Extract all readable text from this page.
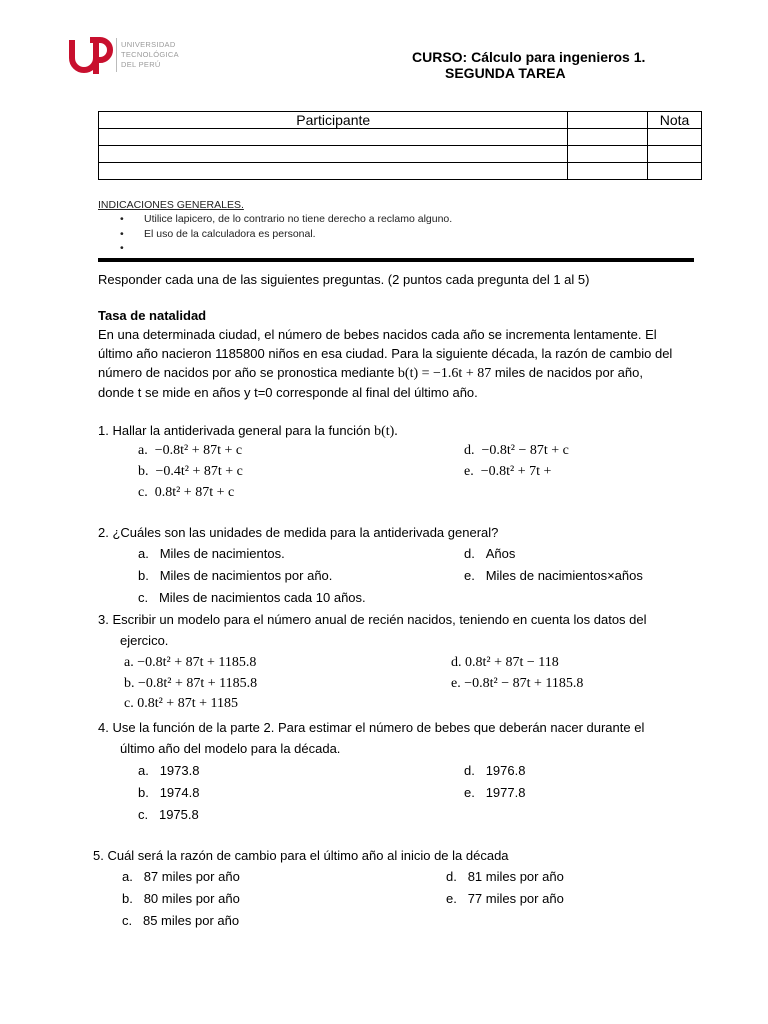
UNIVERSIDAD
TECNOLÓGICA
DEL PERÚ	CURSO: Cálculo para ingenieros 1.
SEGUNDA TAREA
Participante		Nota

INDICACIONES GENERALES.
• Utilice lapicero, de lo contrario no tiene derecho a reclamo alguno.
• El uso de la calculadora es personal.
•
Responder cada una de las siguientes preguntas. (2 puntos cada pregunta del 1 al 5)
Tasa de natalidad
En una determinada ciudad, el número de bebes nacidos cada año se incrementa lentamente. El
último año nacieron 1185800 niños en esa ciudad. Para la siguiente década, la razón de cambio del
número de nacidos por año se pronostica mediante b(t) = −1.6t + 87 miles de nacidos por año,
donde t se mide en años y t=0 corresponde al final del último año.
1. Hallar la antiderivada general para la función b(t).
a. −0.8t² + 87t + c
b. −0.4t² + 87t + c
c. 0.8t² + 87t + c
d. −0.8t² − 87t + c
e. −0.8t² + 7t +
2. ¿Cuáles son las unidades de medida para la antiderivada general?
a. Miles de nacimientos.
b. Miles de nacimientos por año.
c. Miles de nacimientos cada 10 años.
d. Años
e. Miles de nacimientos×años
3. Escribir un modelo para el número anual de recién nacidos, teniendo en cuenta los datos del
ejercico.
a. −0.8t² + 87t + 1185.8
b. −0.8t² + 87t + 1185.8
c. 0.8t² + 87t + 1185
d. 0.8t² + 87t − 118
e. −0.8t² − 87t + 1185.8
4. Use la función de la parte 2. Para estimar el número de bebes que deberán nacer durante el
último año del modelo para la década.
a. 1973.8
b. 1974.8
c. 1975.8
d. 1976.8
e. 1977.8
5. Cuál será la razón de cambio para el último año al inicio de la década
a. 87 miles por año
b. 80 miles por año
c. 85 miles por año
d. 81 miles por año
e. 77 miles por año
